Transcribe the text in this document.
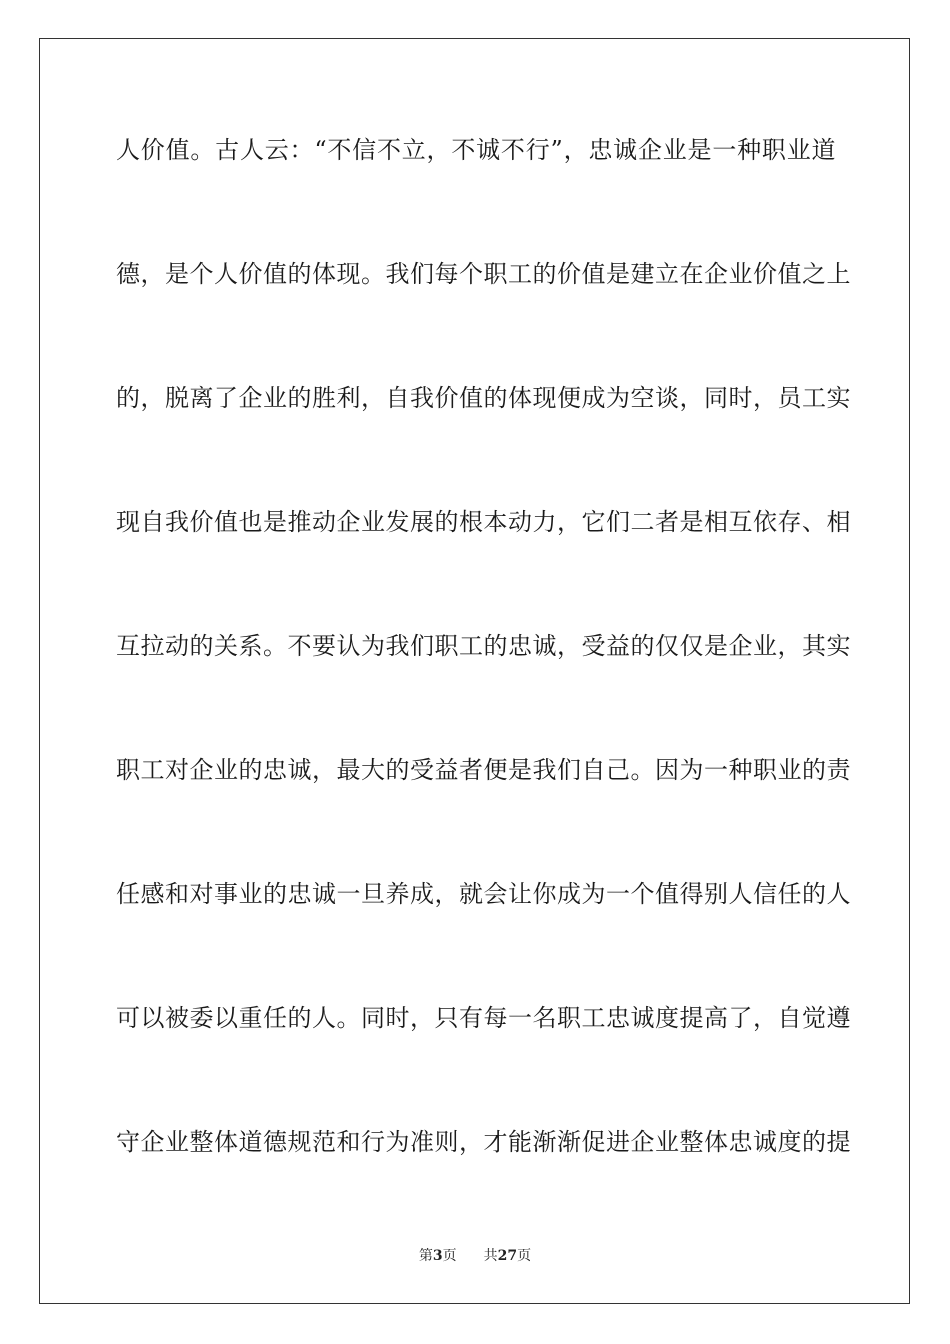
人价值。古人云：“不信不立，不诚不行”，忠诚企业是一种职业道
德，是个人价值的体现。我们每个职工的价值是建立在企业价值之上
的，脱离了企业的胜利，自我价值的体现便成为空谈，同时，员工实
现自我价值也是推动企业发展的根本动力，它们二者是相互依存、相
互拉动的关系。不要认为我们职工的忠诚，受益的仅仅是企业，其实
职工对企业的忠诚，最大的受益者便是我们自己。因为一种职业的责
任感和对事业的忠诚一旦养成，就会让你成为一个值得别人信任的人
可以被委以重任的人。同时，只有每一名职工忠诚度提高了，自觉遵
守企业整体道德规范和行为准则，才能渐渐促进企业整体忠诚度的提
第3页 共27页
